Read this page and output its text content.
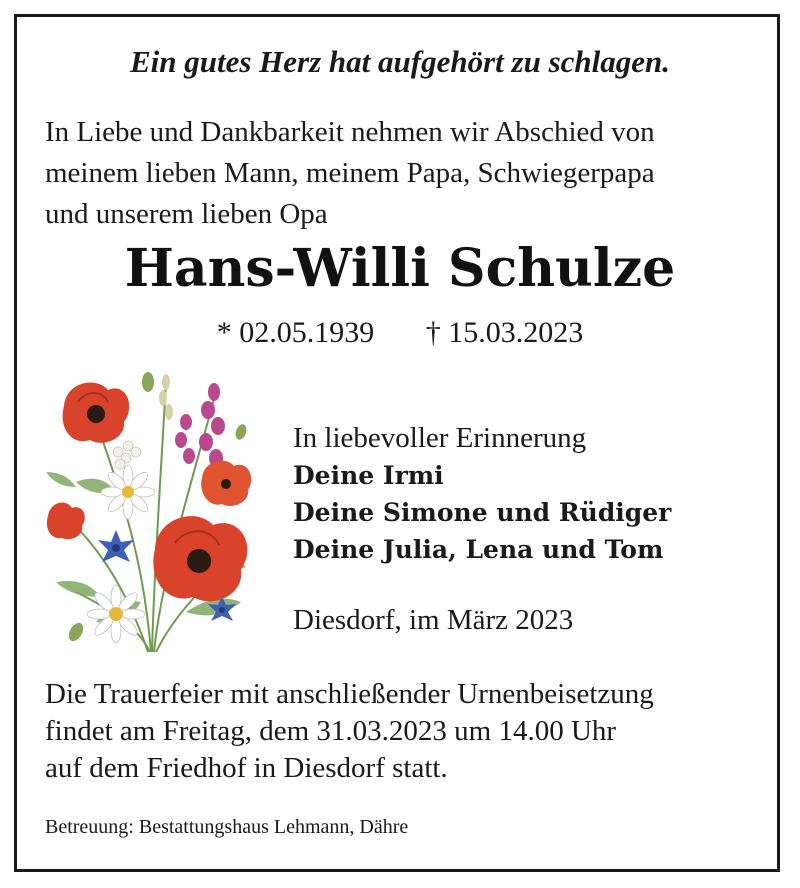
Ein gutes Herz hat aufgehört zu schlagen.
In Liebe und Dankbarkeit nehmen wir Abschied von
meinem lieben Mann, meinem Papa, Schwiegerpapa
und unserem lieben Opa
Hans-Willi Schulze
* 02.05.1939 † 15.03.2023
In liebevoller Erinnerung
Deine Irmi
Deine Simone und Rüdiger
Deine Julia, Lena und Tom
Diesdorf, im März 2023
Die Trauerfeier mit anschließender Urnenbeisetzung
findet am Freitag, dem 31.03.2023 um 14.00 Uhr
auf dem Friedhof in Diesdorf statt.
Betreuung: Bestattungshaus Lehmann, Dähre
